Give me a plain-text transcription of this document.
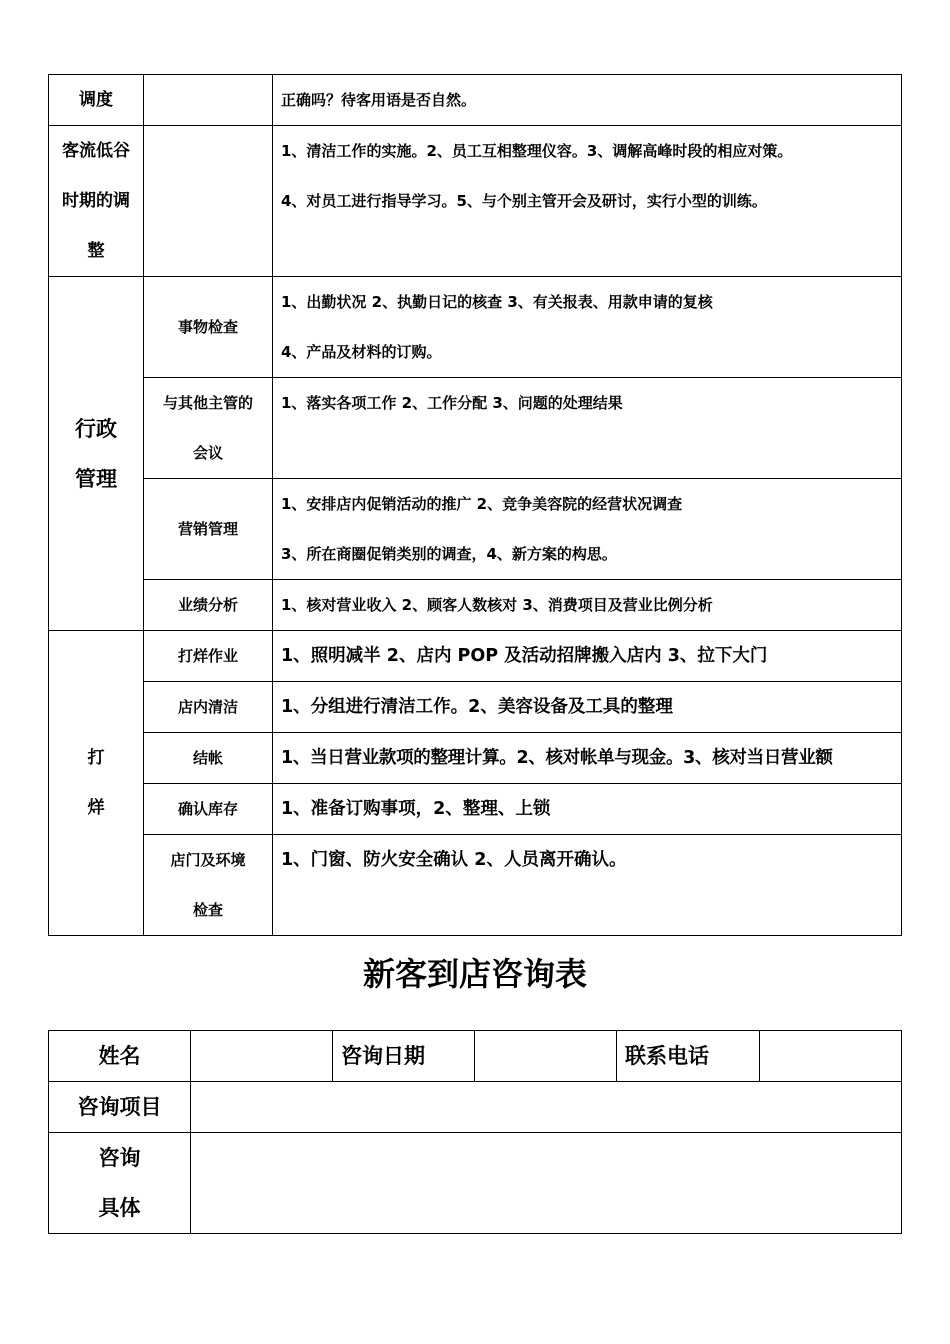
调度		正确吗？待客用语是否自然。

客流低谷
时期的调
整		1、清洁工作的实施。2、员工互相整理仪容。3、调解高峰时段的相应对策。
4、对员工进行指导学习。5、与个别主管开会及研讨，实行小型的训练。

行政
管理	事物检查	1、出勤状况 2、执勤日记的核查 3、有关报表、用款申请的复核
4、产品及材料的订购。

	与其他主管的
会议	1、落实各项工作 2、工作分配 3、问题的处理结果

	营销管理	1、安排店内促销活动的推广 2、竞争美容院的经营状况调查
3、所在商圈促销类别的调查，4、新方案的构思。

	业绩分析	1、核对营业收入 2、顾客人数核对 3、消费项目及营业比例分析

打
烊	打烊作业	1、照明减半 2、店内 POP 及活动招牌搬入店内 3、拉下大门

	店内清洁	1、分组进行清洁工作。2、美容设备及工具的整理

	结帐	1、当日营业款项的整理计算。2、核对帐单与现金。3、核对当日营业额

	确认库存	1、准备订购事项，2、整理、上锁

	店门及环境
检查	1、门窗、防火安全确认 2、人员离开确认。
新客到店咨询表
姓名		咨询日期		联系电话	
咨询项目					

咨询
具体					
